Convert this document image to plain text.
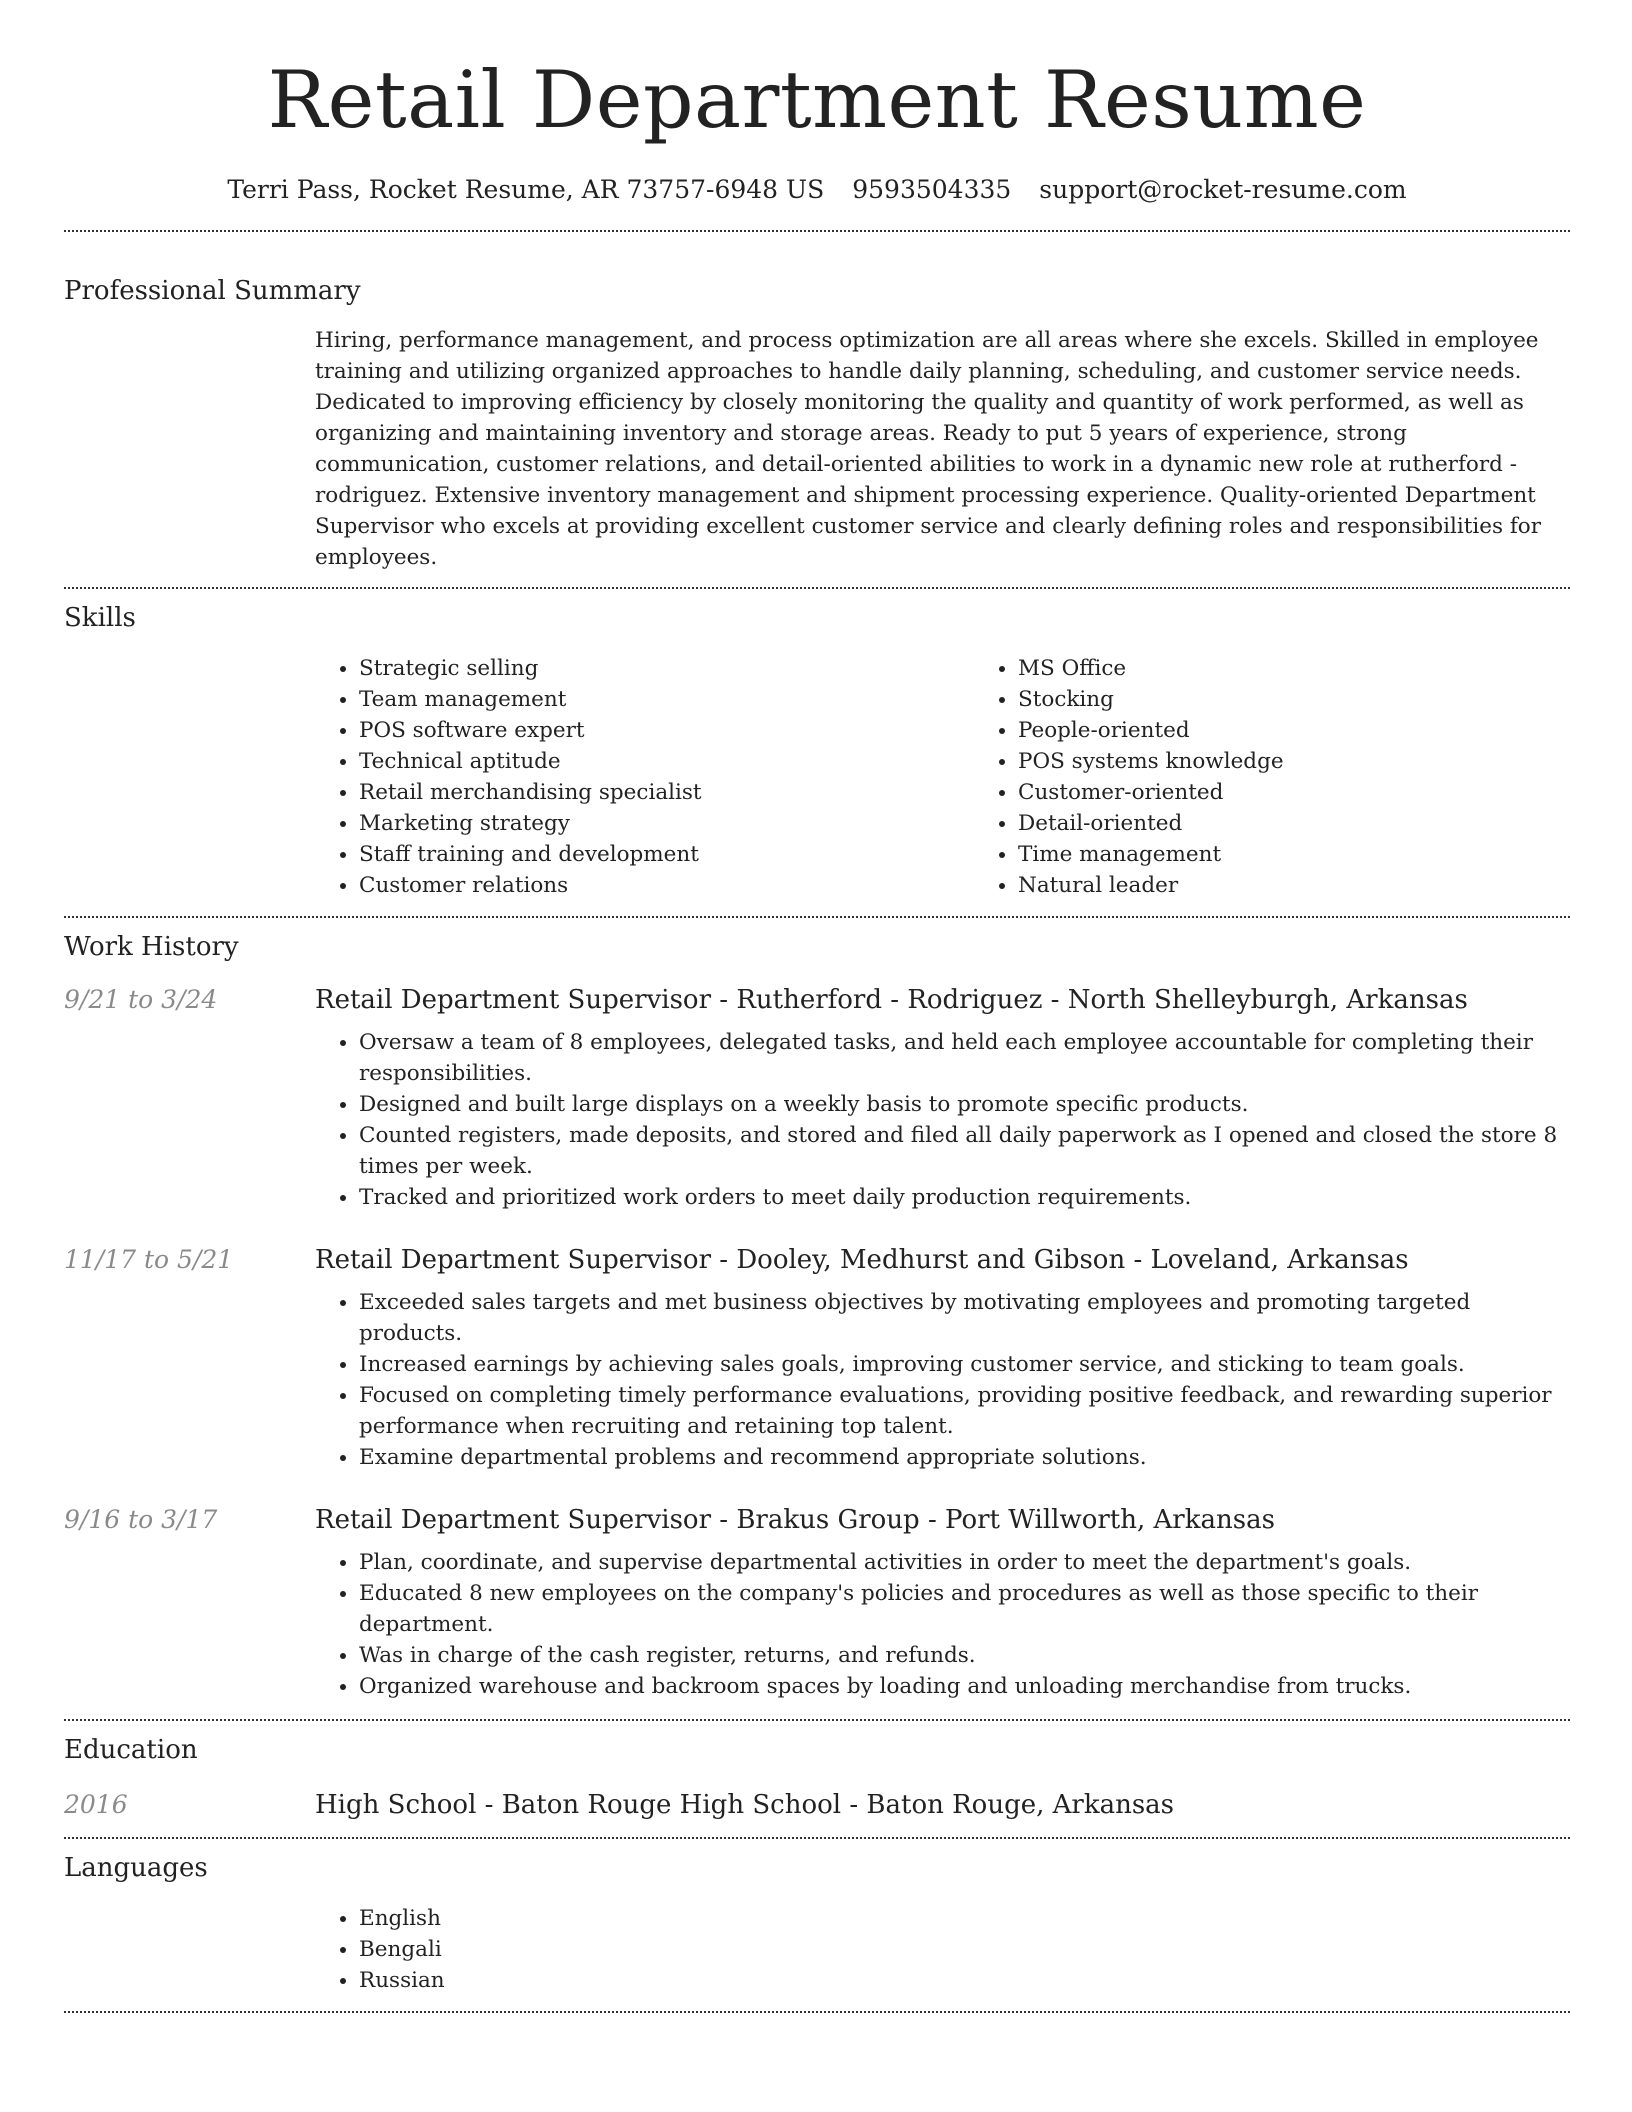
Retail Department Resume
Terri Pass, Rocket Resume, AR 73757-6948 US 9593504335 support@rocket-resume.com
Professional Summary

Hiring, performance management, and process optimization are all areas where she excels. Skilled in employee training and utilizing organized approaches to handle daily planning, scheduling, and customer service needs. Dedicated to improving efficiency by closely monitoring the quality and quantity of work performed, as well as organizing and maintaining inventory and storage areas. Ready to put 5 years of experience, strong communication, customer relations, and detail-oriented abilities to work in a dynamic new role at rutherford - rodriguez. Extensive inventory management and shipment processing experience. Quality-oriented Department Supervisor who excels at providing excellent customer service and clearly defining roles and responsibilities for employees.

Skills
• Strategic selling
• Team management
• POS software expert
• Technical aptitude
• Retail merchandising specialist
• Marketing strategy
• Staff training and development
• Customer relations
• MS Office
• Stocking
• People-oriented
• POS systems knowledge
• Customer-oriented
• Detail-oriented
• Time management
• Natural leader
Work History
9/21 to 3/24	Retail Department Supervisor - Rutherford - Rodriguez - North Shelleyburgh, Arkansas
• Oversaw a team of 8 employees, delegated tasks, and held each employee accountable for completing their responsibilities.
• Designed and built large displays on a weekly basis to promote specific products.
• Counted registers, made deposits, and stored and filed all daily paperwork as I opened and closed the store 8 times per week.
• Tracked and prioritized work orders to meet daily production requirements.
11/17 to 5/21	Retail Department Supervisor - Dooley, Medhurst and Gibson - Loveland, Arkansas
• Exceeded sales targets and met business objectives by motivating employees and promoting targeted products.
• Increased earnings by achieving sales goals, improving customer service, and sticking to team goals.
• Focused on completing timely performance evaluations, providing positive feedback, and rewarding superior performance when recruiting and retaining top talent.
• Examine departmental problems and recommend appropriate solutions.
9/16 to 3/17	Retail Department Supervisor - Brakus Group - Port Willworth, Arkansas
• Plan, coordinate, and supervise departmental activities in order to meet the department's goals.
• Educated 8 new employees on the company's policies and procedures as well as those specific to their department.
• Was in charge of the cash register, returns, and refunds.
• Organized warehouse and backroom spaces by loading and unloading merchandise from trucks.
Education
2016	High School - Baton Rouge High School - Baton Rouge, Arkansas
Languages
• English
• Bengali
• Russian
